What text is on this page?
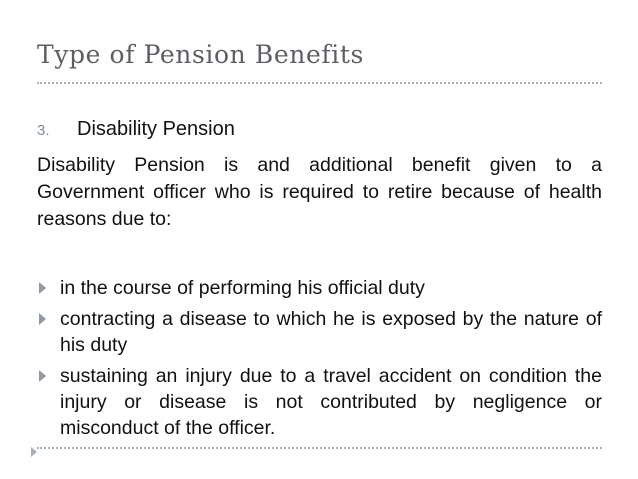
Type of Pension Benefits
3. Disability Pension
Disability Pension is and additional benefit given to a Government officer who is required to retire because of health reasons due to:
in the course of performing his official duty
contracting a disease to which he is exposed by the nature of his duty
sustaining an injury due to a travel accident on condition the injury or disease is not contributed by negligence or misconduct of the officer.
